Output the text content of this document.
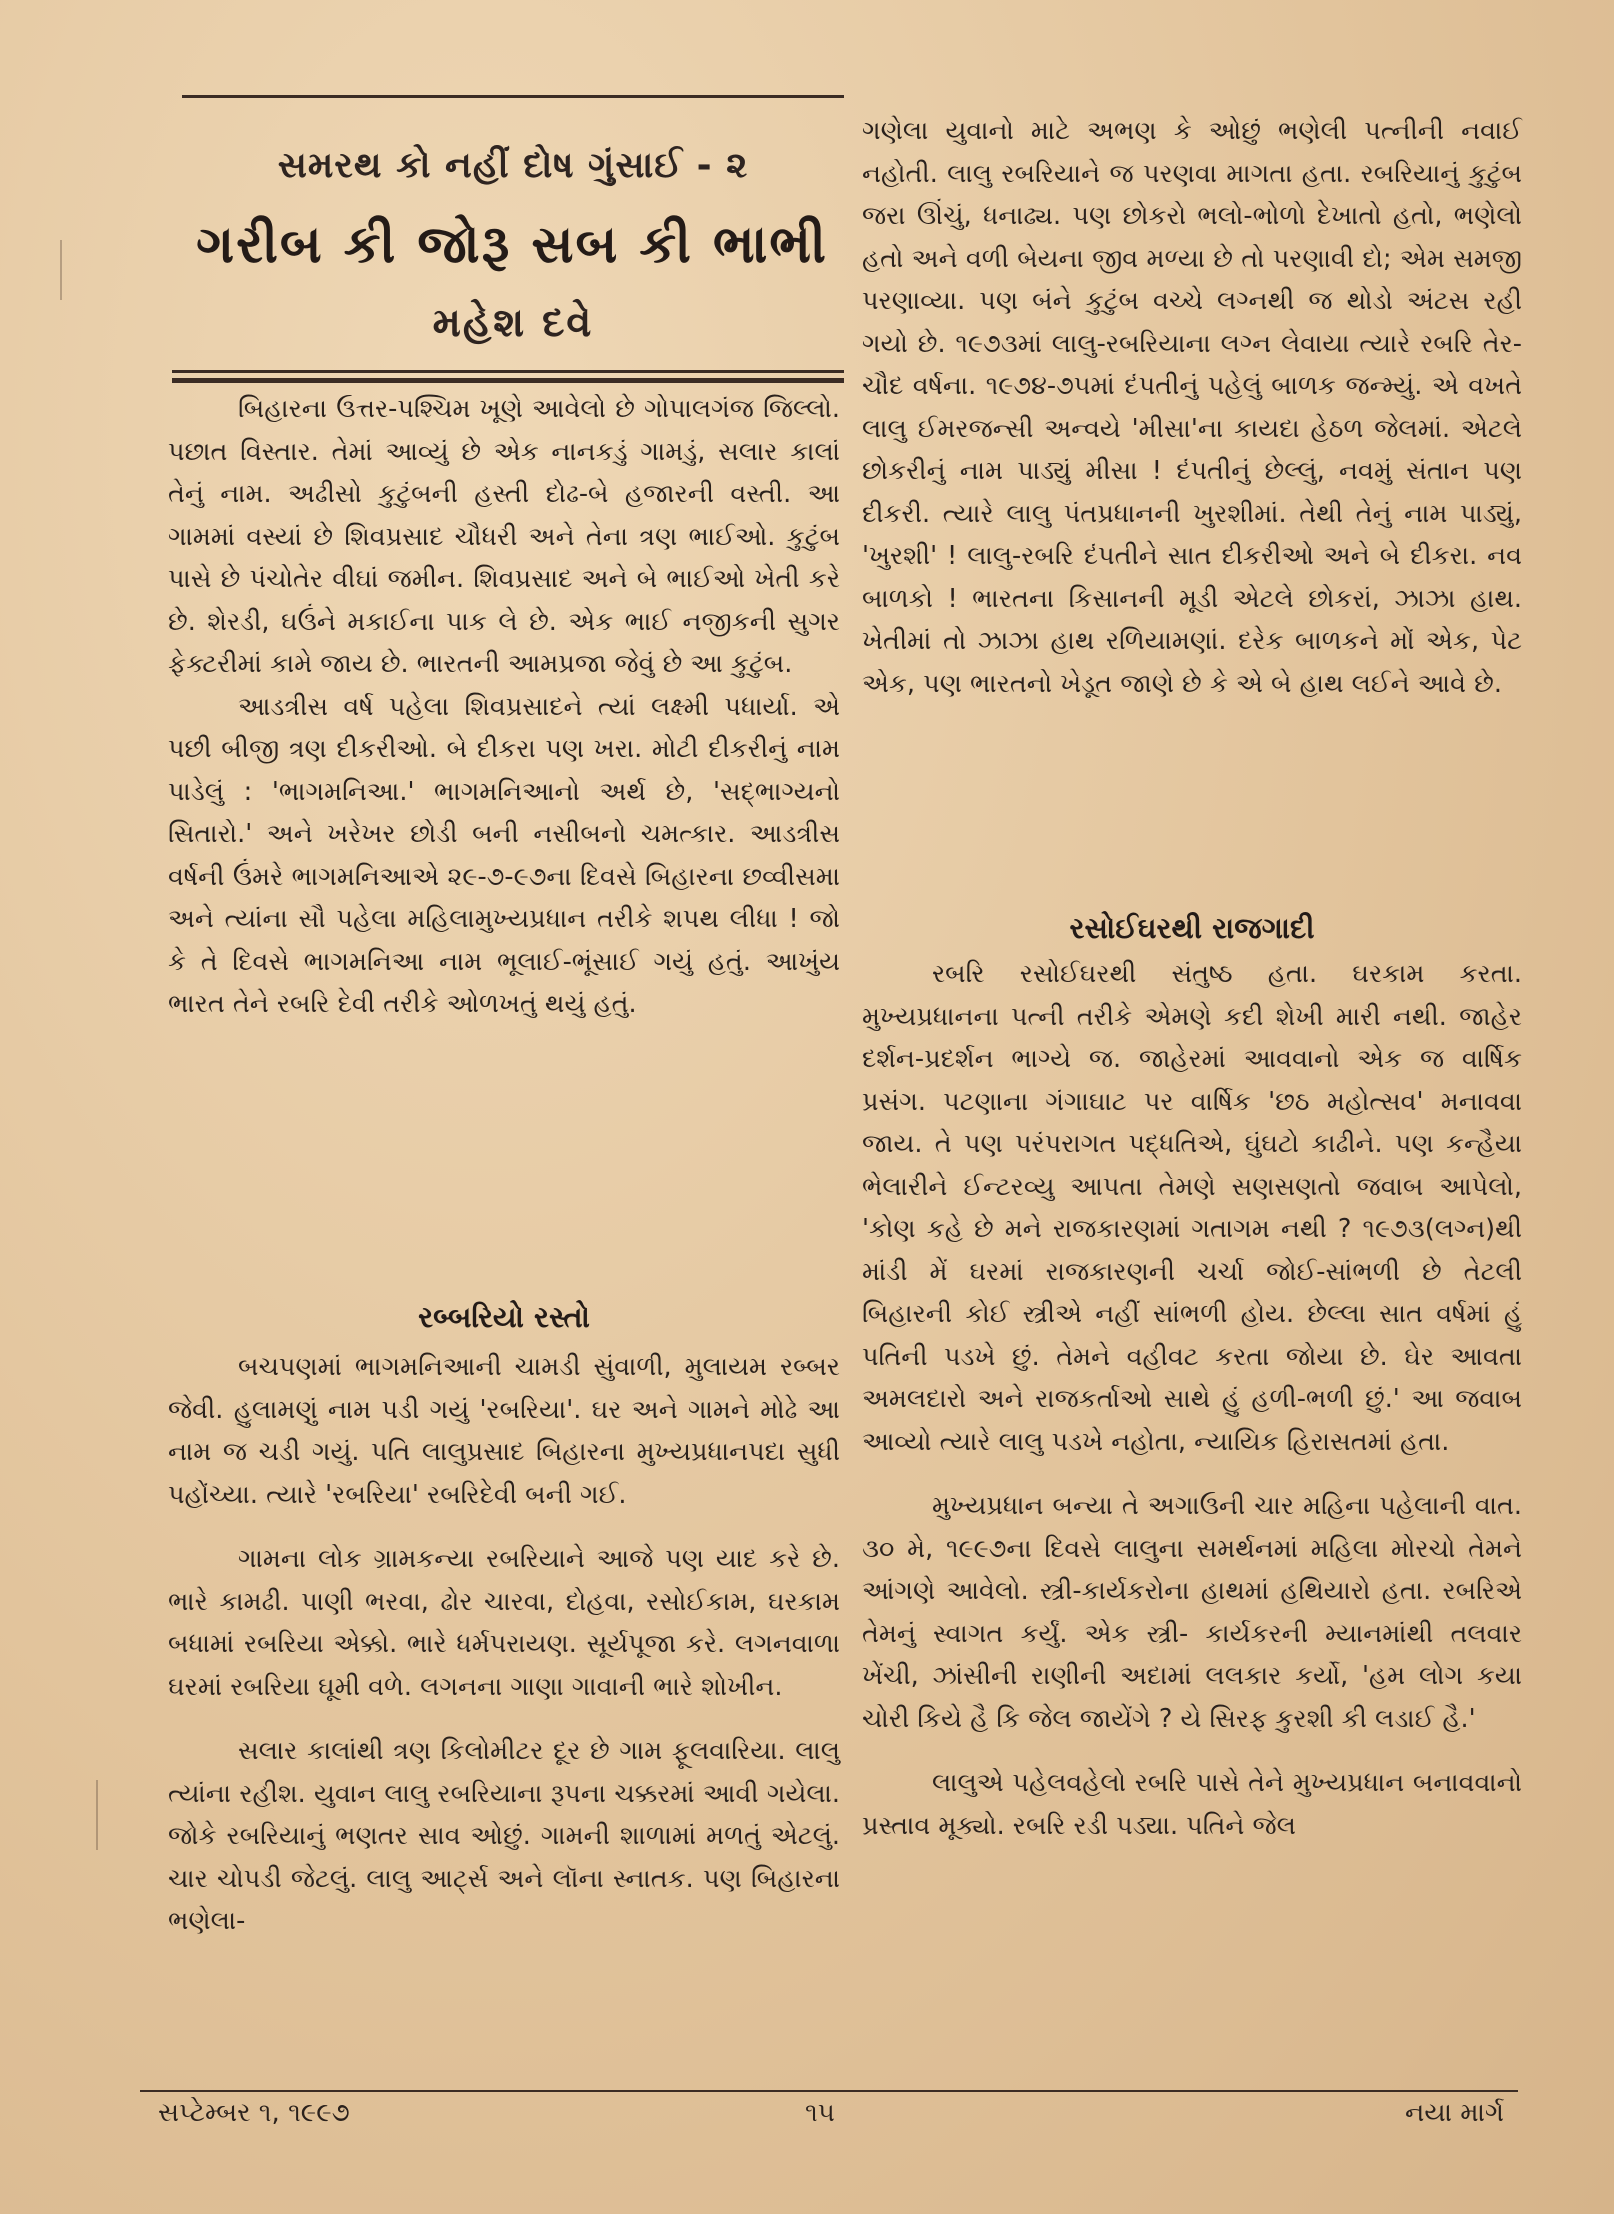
સમરથ કો નહીં દોષ ગુંસાઈ - ૨
ગરીબ કી જોરૂ સબ કી ભાભી
મહેશ દવે

બિહારના ઉત્તર-પશ્ચિમ ખૂણે આવેલો છે ગોપાલગંજ જિલ્લો. પછાત વિસ્તાર. તેમાં આવ્યું છે એક નાનકડું ગામડું, સલાર કાલાં તેનું નામ. અઢીસો કુટુંબની હસ્તી દોઢ-બે હજારની વસ્તી. આ ગામમાં વસ્યાં છે શિવપ્રસાદ ચૌધરી અને તેના ત્રણ ભાઈઓ. કુટુંબ પાસે છે પંચોતેર વીઘાં જમીન. શિવપ્રસાદ અને બે ભાઈઓ ખેતી કરે છે. શેરડી, ઘઉંને મકાઈના પાક લે છે. એક ભાઈ નજીકની સુગર ફેક્ટરીમાં કામે જાય છે. ભારતની આમપ્રજા જેવું છે આ કુટુંબ.

આડત્રીસ વર્ષ પહેલા શિવપ્રસાદને ત્યાં લક્ષ્મી પધાર્યા. એ પછી બીજી ત્રણ દીકરીઓ. બે દીકરા પણ ખરા. મોટી દીકરીનું નામ પાડેલું : 'ભાગમનિઆ.' ભાગમનિઆનો અર્થ છે, 'સદ્ભાગ્યનો સિતારો.' અને ખરેખર છોડી બની નસીબનો ચમત્કાર. આડત્રીસ વર્ષની ઉંમરે ભાગમનિઆએ ૨૯-૭-૯૭ના દિવસે બિહારના છવ્વીસમા અને ત્યાંના સૌ પહેલા મહિલામુખ્યપ્રધાન તરીકે શપથ લીધા ! જો કે તે દિવસે ભાગમનિઆ નામ ભૂલાઈ-ભૂંસાઈ ગયું હતું. આખુંય ભારત તેને રબરિ દેવી તરીકે ઓળખતું થયું હતું.

રબ્બરિયો રસ્તો

બચપણમાં ભાગમનિઆની ચામડી સુંવાળી, મુલાયમ રબ્બર જેવી. હુલામણું નામ પડી ગયું 'રબરિયા'. ઘર અને ગામને મોઢે આ નામ જ ચડી ગયું. પતિ લાલુપ્રસાદ બિહારના મુખ્યપ્રધાનપદા સુધી પહોંચ્યા. ત્યારે 'રબરિયા' રબરિદેવી બની ગઈ.

ગામના લોક ગ્રામકન્યા રબરિયાને આજે પણ યાદ કરે છે. ભારે કામઢી. પાણી ભરવા, ઢોર ચારવા, દોહવા, રસોઈકામ, ઘરકામ બધામાં રબરિયા એક્કો. ભારે ધર્મપરાયણ. સૂર્યપૂજા કરે. લગનવાળા ઘરમાં રબરિયા ઘૂમી વળે. લગનના ગાણા ગાવાની ભારે શોખીન.

સલાર કાલાંથી ત્રણ કિલોમીટર દૂર છે ગામ ફૂલવારિયા. લાલુ ત્યાંના રહીશ. યુવાન લાલુ રબરિયાના રૂપના ચક્કરમાં આવી ગયેલા. જોકે રબરિયાનું ભણતર સાવ ઓછું. ગામની શાળામાં મળતું એટલું. ચાર ચોપડી જેટલું. લાલુ આર્ટ્સ અને લૉના સ્નાતક. પણ બિહારના ભણેલા-

ગણેલા યુવાનો માટે અભણ કે ઓછું ભણેલી પત્નીની નવાઈ નહોતી. લાલુ રબરિયાને જ પરણવા માગતા હતા. રબરિયાનું કુટુંબ જરા ઊંચું, ધનાઢ્ય. પણ છોકરો ભલો-ભોળો દેખાતો હતો, ભણેલો હતો અને વળી બેયના જીવ મળ્યા છે તો પરણાવી દો; એમ સમજી પરણાવ્યા. પણ બંને કુટુંબ વચ્ચે લગ્નથી જ થોડો અંટસ રહી ગયો છે. ૧૯૭૩માં લાલુ-રબરિયાના લગ્ન લેવાયા ત્યારે રબરિ તેર-ચૌદ વર્ષના. ૧૯૭૪-૭૫માં દંપતીનું પહેલું બાળક જન્મ્યું. એ વખતે લાલુ ઈમરજન્સી અન્વયે 'મીસા'ના કાયદા હેઠળ જેલમાં. એટલે છોકરીનું નામ પાડ્યું મીસા ! દંપતીનું છેલ્લું, નવમું સંતાન પણ દીકરી. ત્યારે લાલુ પંતપ્રધાનની ખુરશીમાં. તેથી તેનું નામ પાડ્યું, 'ખુરશી' ! લાલુ-રબરિ દંપતીને સાત દીકરીઓ અને બે દીકરા. નવ બાળકો ! ભારતના કિસાનની મૂડી એટલે છોકરાં, ઝાઝા હાથ. ખેતીમાં તો ઝાઝા હાથ રળિયામણાં. દરેક બાળકને મોં એક, પેટ એક, પણ ભારતનો ખેડૂત જાણે છે કે એ બે હાથ લઈને આવે છે.

રસોઈઘરથી રાજગાદી

રબરિ રસોઈઘરથી સંતુષ્ઠ હતા. ઘરકામ કરતા. મુખ્યપ્રધાનના પત્ની તરીકે એમણે કદી શેખી મારી નથી. જાહેર દર્શન-પ્રદર્શન ભાગ્યે જ. જાહેરમાં આવવાનો એક જ વાર્ષિક પ્રસંગ. પટણાના ગંગાઘાટ પર વાર્ષિક 'છઠ મહોત્સવ' મનાવવા જાય. તે પણ પરંપરાગત પદ્ધતિએ, ઘુંઘટો કાઢીને. પણ કન્હૈયા ભેલારીને ઈન્ટરવ્યુ આપતા તેમણે સણસણતો જવાબ આપેલો, 'કોણ કહે છે મને રાજકારણમાં ગતાગમ નથી ? ૧૯૭૩(લગ્ન)થી માંડી મેં ઘરમાં રાજકારણની ચર્ચા જોઈ-સાંભળી છે તેટલી બિહારની કોઈ સ્ત્રીએ નહીં સાંભળી હોય. છેલ્લા સાત વર્ષમાં હું પતિની પડખે છું. તેમને વહીવટ કરતા જોયા છે. ઘેર આવતા અમલદારો અને રાજકર્તાઓ સાથે હું હળી-ભળી છું.' આ જવાબ આવ્યો ત્યારે લાલુ પડખે નહોતા, ન્યાયિક હિરાસતમાં હતા.

મુખ્યપ્રધાન બન્યા તે અગાઉની ચાર મહિના પહેલાની વાત. ૩૦ મે, ૧૯૯૭ના દિવસે લાલુના સમર્થનમાં મહિલા મોરચો તેમને આંગણે આવેલો. સ્ત્રી-કાર્યકરોના હાથમાં હથિયારો હતા. રબરિએ તેમનું સ્વાગત કર્યું. એક સ્ત્રી- કાર્યકરની મ્યાનમાંથી તલવાર ખેંચી, ઝાંસીની રાણીની અદામાં લલકાર કર્યો, 'હમ લોગ કયા ચોરી કિયે હૈ કિ જેલ જાયેંગે ? યે સિરફ કુરશી કી લડાઈ હૈ.'

લાલુએ પહેલવહેલો રબરિ પાસે તેને મુખ્યપ્રધાન બનાવવાનો પ્રસ્તાવ મૂક્યો. રબરિ રડી પડ્યા. પતિને જેલ

સપ્ટેમ્બર ૧, ૧૯૯૭	૧૫	નયા માર્ગ
